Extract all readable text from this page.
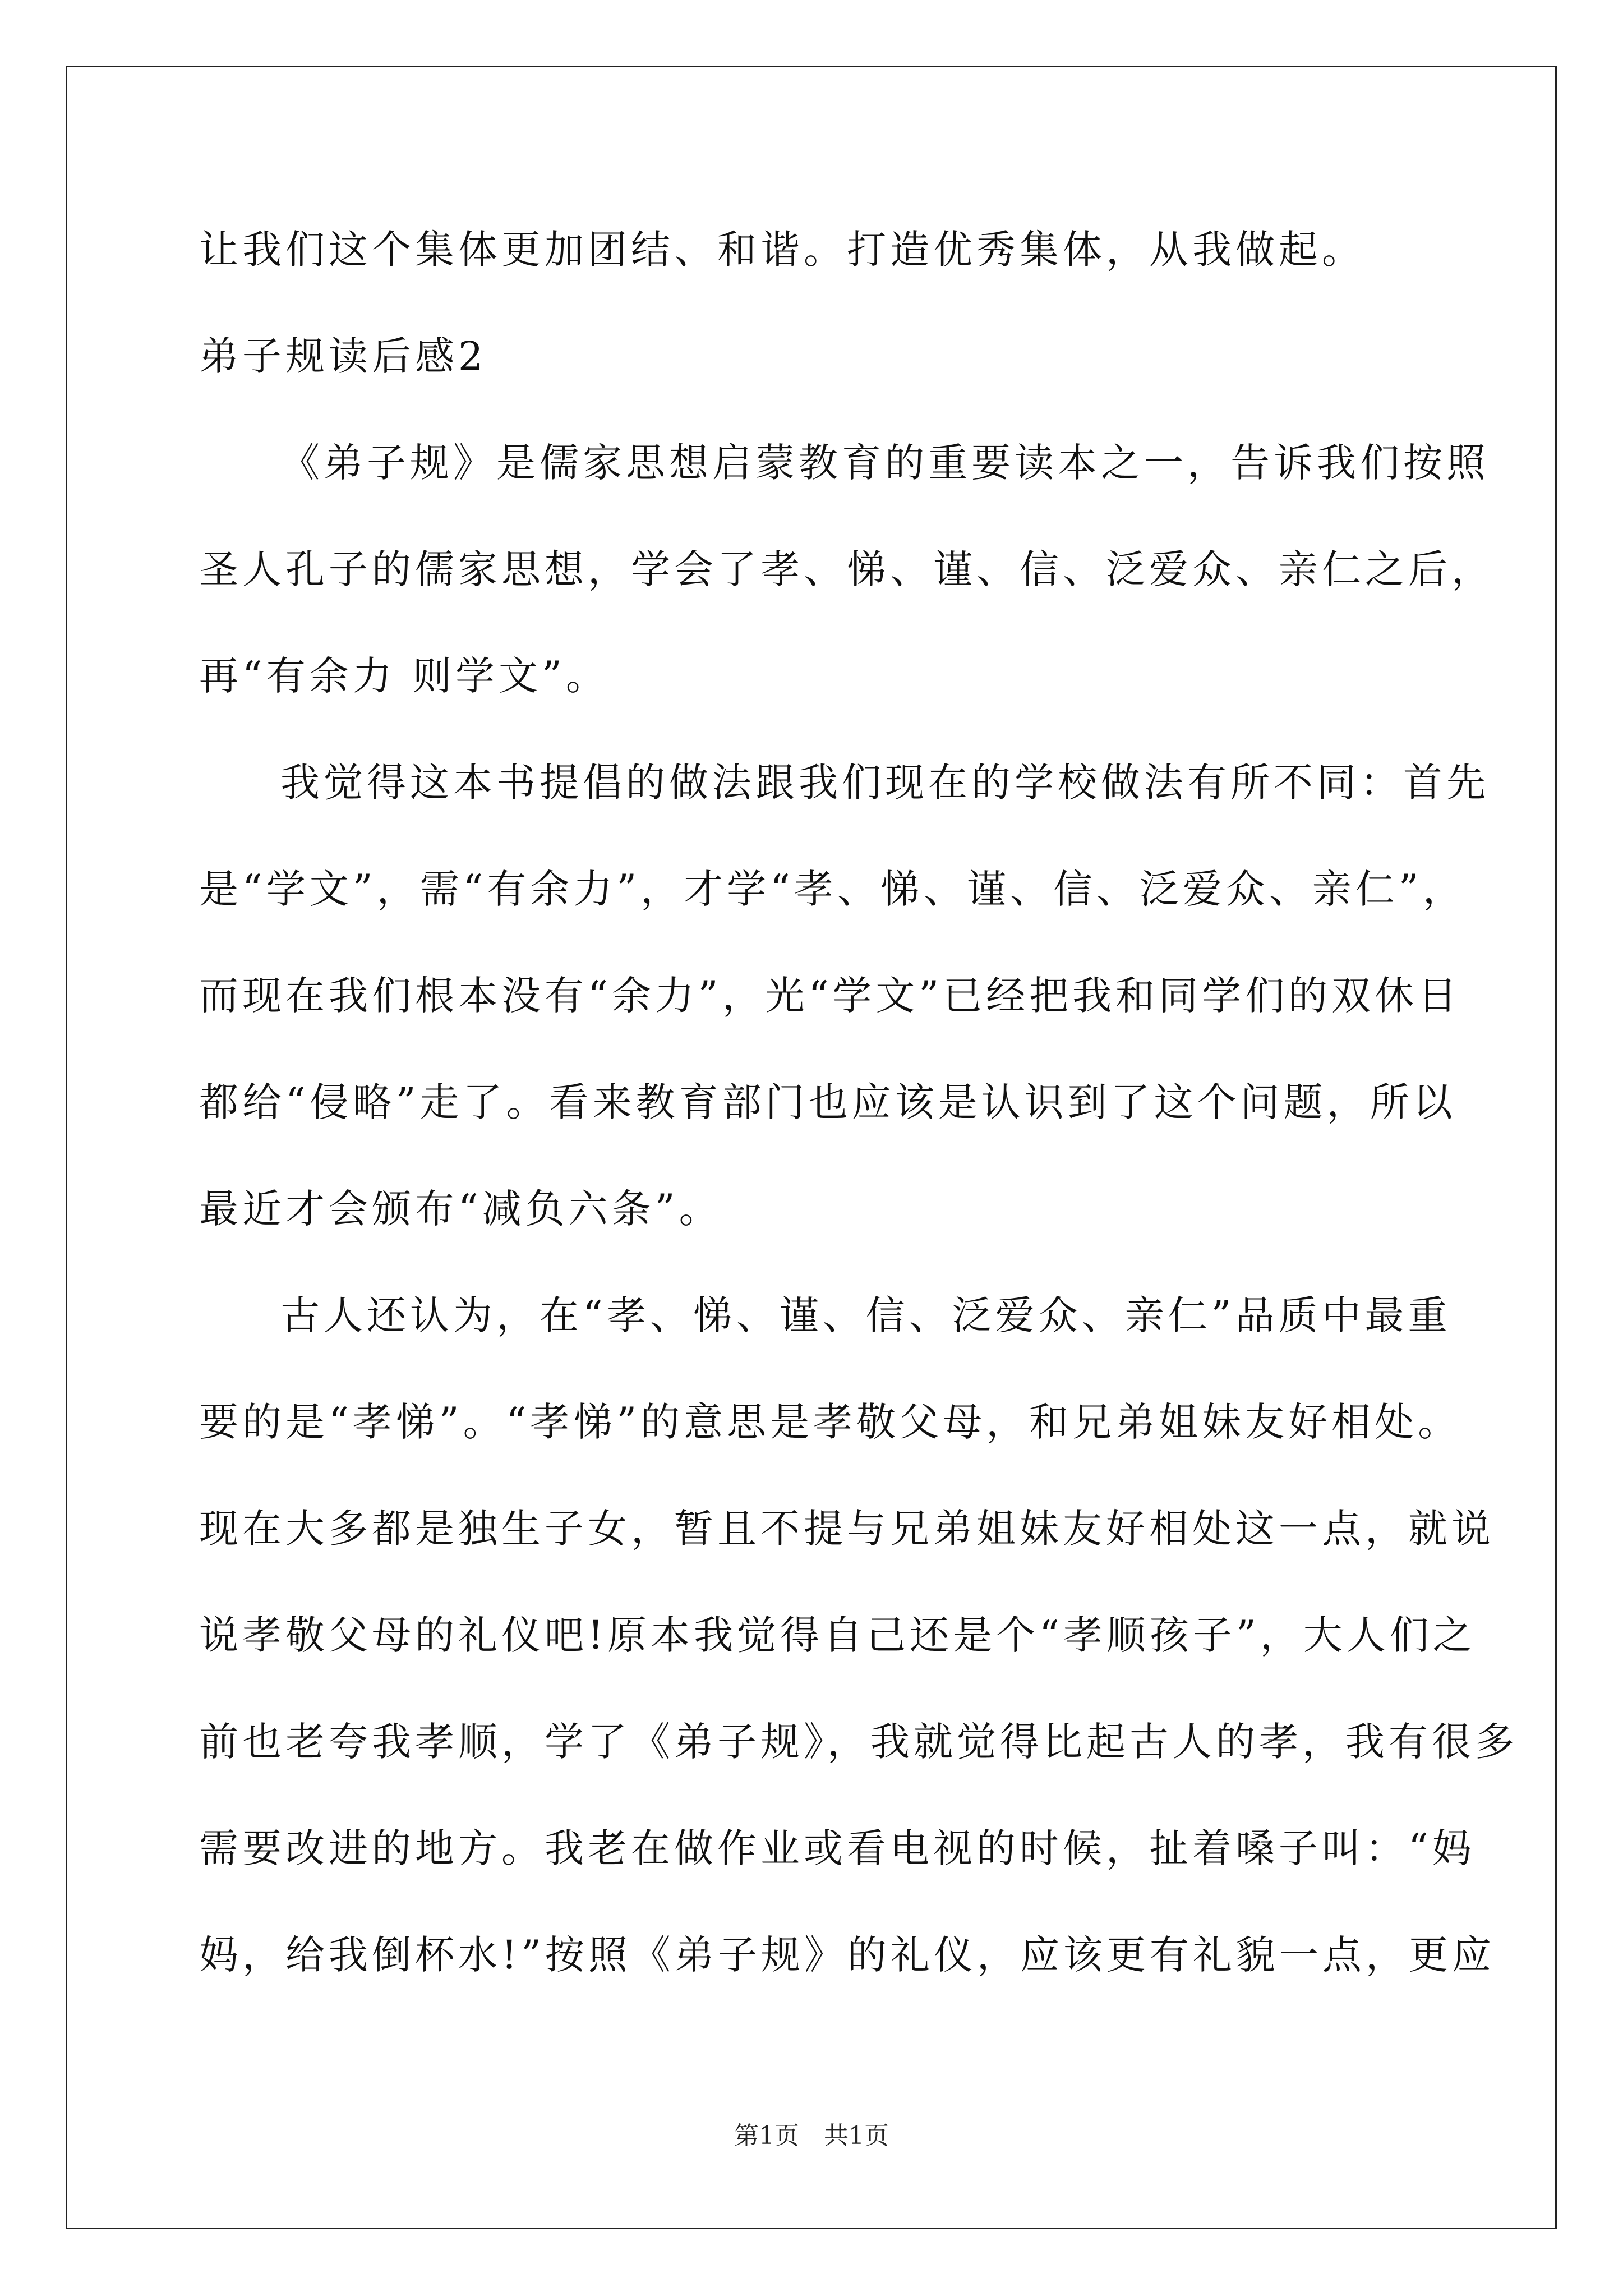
让我们这个集体更加团结、和谐。打造优秀集体，从我做起。
弟子规读后感2
《弟子规》是儒家思想启蒙教育的重要读本之一，告诉我们按照
圣人孔子的儒家思想，学会了孝、悌、谨、信、泛爱众、亲仁之后，
再“有余力 则学文”。
我觉得这本书提倡的做法跟我们现在的学校做法有所不同：首先
是“学文”，需“有余力”，才学“孝、悌、谨、信、泛爱众、亲仁”，
而现在我们根本没有“余力”，光“学文”已经把我和同学们的双休日
都给“侵略”走了。看来教育部门也应该是认识到了这个问题，所以
最近才会颁布“减负六条”。
古人还认为，在“孝、悌、谨、信、泛爱众、亲仁”品质中最重
要的是“孝悌”。“孝悌”的意思是孝敬父母，和兄弟姐妹友好相处。
现在大多都是独生子女，暂且不提与兄弟姐妹友好相处这一点，就说
说孝敬父母的礼仪吧!原本我觉得自己还是个“孝顺孩子”，大人们之
前也老夸我孝顺，学了《弟子规》，我就觉得比起古人的孝，我有很多
需要改进的地方。我老在做作业或看电视的时候，扯着嗓子叫：“妈
妈，给我倒杯水!”按照《弟子规》的礼仪，应该更有礼貌一点，更应
第1页　共1页
